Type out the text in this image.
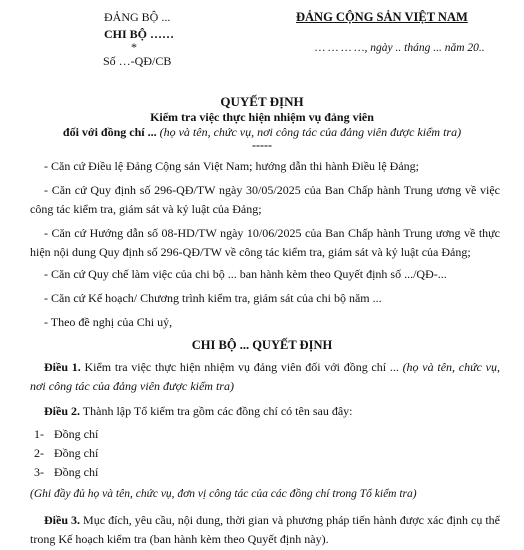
ĐẢNG BỘ ...
CHI BỘ ……
*
Số …-QĐ/CB
ĐẢNG CỘNG SẢN VIỆT NAM
… … … …, ngày .. tháng ... năm 20..
QUYẾT ĐỊNH
Kiểm tra việc thực hiện nhiệm vụ đảng viên
đối với đồng chí ... (họ và tên, chức vụ, nơi công tác của đảng viên được kiểm tra)
-----
- Căn cứ Điều lệ Đảng Cộng sản Việt Nam; hướng dẫn thi hành Điều lệ Đảng;
- Căn cứ Quy định số 296-QĐ/TW ngày 30/05/2025 của Ban Chấp hành Trung ương về việc công tác kiểm tra, giám sát và kỷ luật của Đảng;
- Căn cứ Hướng dẫn số 08-HD/TW ngày 10/06/2025 của Ban Chấp hành Trung ương về thực hiện nội dung Quy định số 296-QĐ/TW về công tác kiểm tra, giám sát và kỷ luật của Đảng;
- Căn cứ Quy chế làm việc của chi bộ ... ban hành kèm theo Quyết định số .../QĐ-...
- Căn cứ Kế hoạch/ Chương trình kiểm tra, giám sát của chi bộ năm ...
- Theo đề nghị của Chi uỷ,
CHI BỘ ... QUYẾT ĐỊNH
Điều 1. Kiểm tra việc thực hiện nhiệm vụ đảng viên đối với đồng chí ... (họ và tên, chức vụ, nơi công tác của đảng viên được kiểm tra)
Điều 2. Thành lập Tổ kiểm tra gồm các đồng chí có tên sau đây:
1- Đồng chí
2- Đồng chí
3- Đồng chí
(Ghi đầy đủ họ và tên, chức vụ, đơn vị công tác của các đồng chí trong Tổ kiểm tra)
Điều 3. Mục đích, yêu cầu, nội dung, thời gian và phương pháp tiến hành được xác định cụ thể trong Kế hoạch kiểm tra (ban hành kèm theo Quyết định này).
